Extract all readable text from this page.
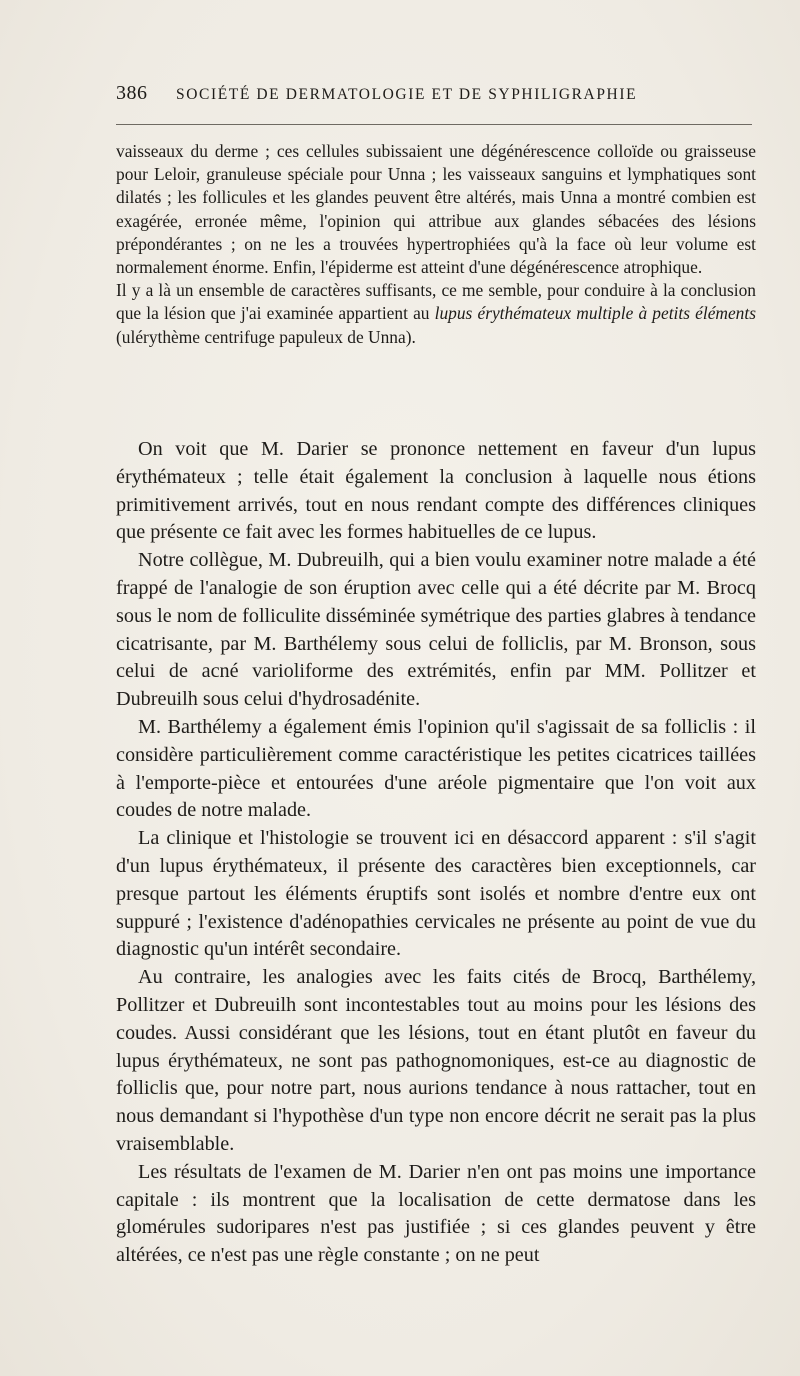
386 SOCIÉTÉ DE DERMATOLOGIE ET DE SYPHILIGRAPHIE

vaisseaux du derme ; ces cellules subissaient une dégénérescence colloïde ou graisseuse pour Leloir, granuleuse spéciale pour Unna ; les vaisseaux sanguins et lymphatiques sont dilatés ; les follicules et les glandes peuvent être altérés, mais Unna a montré combien est exagérée, erronée même, l'opinion qui attribue aux glandes sébacées des lésions prépondérantes ; on ne les a trouvées hypertrophiées qu'à la face où leur volume est normalement énorme. Enfin, l'épiderme est atteint d'une dégénérescence atrophique.

Il y a là un ensemble de caractères suffisants, ce me semble, pour conduire à la conclusion que la lésion que j'ai examinée appartient au lupus érythémateux multiple à petits éléments (ulérythème centrifuge papuleux de Unna).

On voit que M. Darier se prononce nettement en faveur d'un lupus érythémateux ; telle était également la conclusion à laquelle nous étions primitivement arrivés, tout en nous rendant compte des différences cliniques que présente ce fait avec les formes habituelles de ce lupus.

Notre collègue, M. Dubreuilh, qui a bien voulu examiner notre malade a été frappé de l'analogie de son éruption avec celle qui a été décrite par M. Brocq sous le nom de folliculite disséminée symétrique des parties glabres à tendance cicatrisante, par M. Barthélemy sous celui de folliclis, par M. Bronson, sous celui de acné varioliforme des extrémités, enfin par MM. Pollitzer et Dubreuilh sous celui d'hydrosadénite.

M. Barthélemy a également émis l'opinion qu'il s'agissait de sa folliclis : il considère particulièrement comme caractéristique les petites cicatrices taillées à l'emporte-pièce et entourées d'une aréole pigmentaire que l'on voit aux coudes de notre malade.

La clinique et l'histologie se trouvent ici en désaccord apparent : s'il s'agit d'un lupus érythémateux, il présente des caractères bien exceptionnels, car presque partout les éléments éruptifs sont isolés et nombre d'entre eux ont suppuré ; l'existence d'adénopathies cervicales ne présente au point de vue du diagnostic qu'un intérêt secondaire.

Au contraire, les analogies avec les faits cités de Brocq, Barthélemy, Pollitzer et Dubreuilh sont incontestables tout au moins pour les lésions des coudes. Aussi considérant que les lésions, tout en étant plutôt en faveur du lupus érythémateux, ne sont pas pathognomoniques, est-ce au diagnostic de folliclis que, pour notre part, nous aurions tendance à nous rattacher, tout en nous demandant si l'hypothèse d'un type non encore décrit ne serait pas la plus vraisemblable.

Les résultats de l'examen de M. Darier n'en ont pas moins une importance capitale : ils montrent que la localisation de cette dermatose dans les glomérules sudoripares n'est pas justifiée ; si ces glandes peuvent y être altérées, ce n'est pas une règle constante ; on ne peut
